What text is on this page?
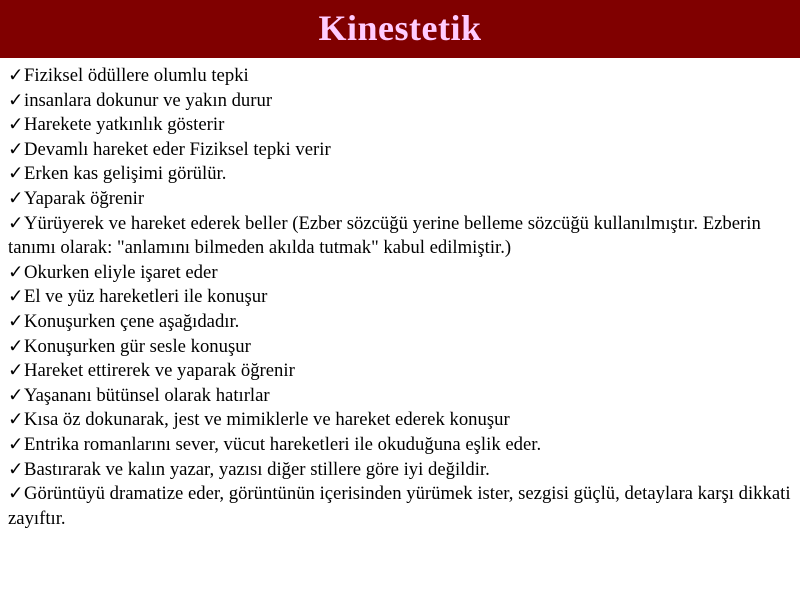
Kinestetik
✓Fiziksel ödüllere olumlu tepki
✓insanlara dokunur ve yakın durur
✓Harekete yatkınlık gösterir
✓Devamlı hareket eder Fiziksel tepki verir
✓Erken kas gelişimi görülür.
✓Yaparak öğrenir
✓Yürüyerek ve hareket ederek beller (Ezber sözcüğü yerine belleme sözcüğü kullanılmıştır. Ezberin tanımı olarak: "anlamını bilmeden akılda tutmak" kabul edilmiştir.)
✓Okurken eliyle işaret eder
✓El ve yüz hareketleri ile konuşur
✓Konuşurken çene aşağıdadır.
✓Konuşurken gür sesle konuşur
✓Hareket ettirerek ve yaparak öğrenir
✓Yaşananı bütünsel olarak hatırlar
✓Kısa öz dokunarak, jest ve mimiklerle ve hareket ederek konuşur
✓Entrika romanlarını sever, vücut hareketleri ile okuduğuna eşlik eder.
✓Bastırarak ve kalın yazar, yazısı diğer stillere göre iyi değildir.
✓Görüntüyü dramatize eder, görüntünün içerisinden yürümek ister, sezgisi güçlü, detaylara karşı dikkati zayıftır.
